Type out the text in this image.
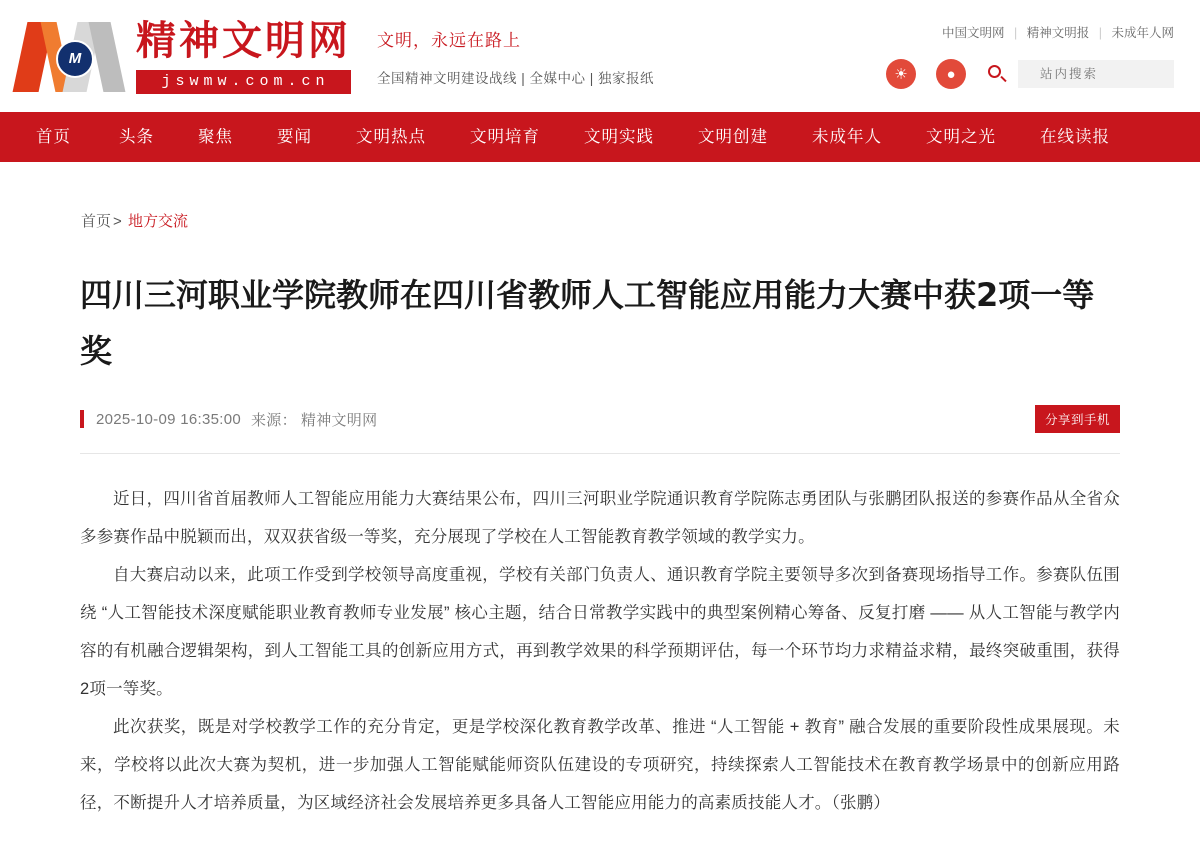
M	精神文明网
jswmw.com.cn
文明，永远在路上
全国精神文明建设战线 | 全媒中心 | 独家报纸
中国文明网 | 精神文明报 | 未成年人网
☀	●
站内搜索
首页	头条	聚焦	要闻	文明热点	文明培育	文明实践	文明创建	未成年人	文明之光	在线读报
首页 > 地方交流
四川三河职业学院教师在四川省教师人工智能应用能力大赛中获2项一等奖
2025-10-09 16:35:00 来源： 精神文明网	分享到手机

近日，四川省首届教师人工智能应用能力大赛结果公布，四川三河职业学院通识教育学院陈志勇团队与张鹏团队报送的参赛作品从全省众多参赛作品中脱颖而出，双双获省级一等奖，充分展现了学校在人工智能教育教学领域的教学实力。

自大赛启动以来，此项工作受到学校领导高度重视，学校有关部门负责人、通识教育学院主要领导多次到备赛现场指导工作。参赛队伍围绕 “人工智能技术深度赋能职业教育教师专业发展” 核心主题，结合日常教学实践中的典型案例精心筹备、反复打磨 —— 从人工智能与教学内容的有机融合逻辑架构，到人工智能工具的创新应用方式，再到教学效果的科学预期评估，每一个环节均力求精益求精，最终突破重围，获得2项一等奖。

此次获奖，既是对学校教学工作的充分肯定，更是学校深化教育教学改革、推进 “人工智能 + 教育” 融合发展的重要阶段性成果展现。未来，学校将以此次大赛为契机，进一步加强人工智能赋能师资队伍建设的专项研究，持续探索人工智能技术在教育教学场景中的创新应用路径，不断提升人才培养质量，为区域经济社会发展培养更多具备人工智能应用能力的高素质技能人才。（张鹏）
